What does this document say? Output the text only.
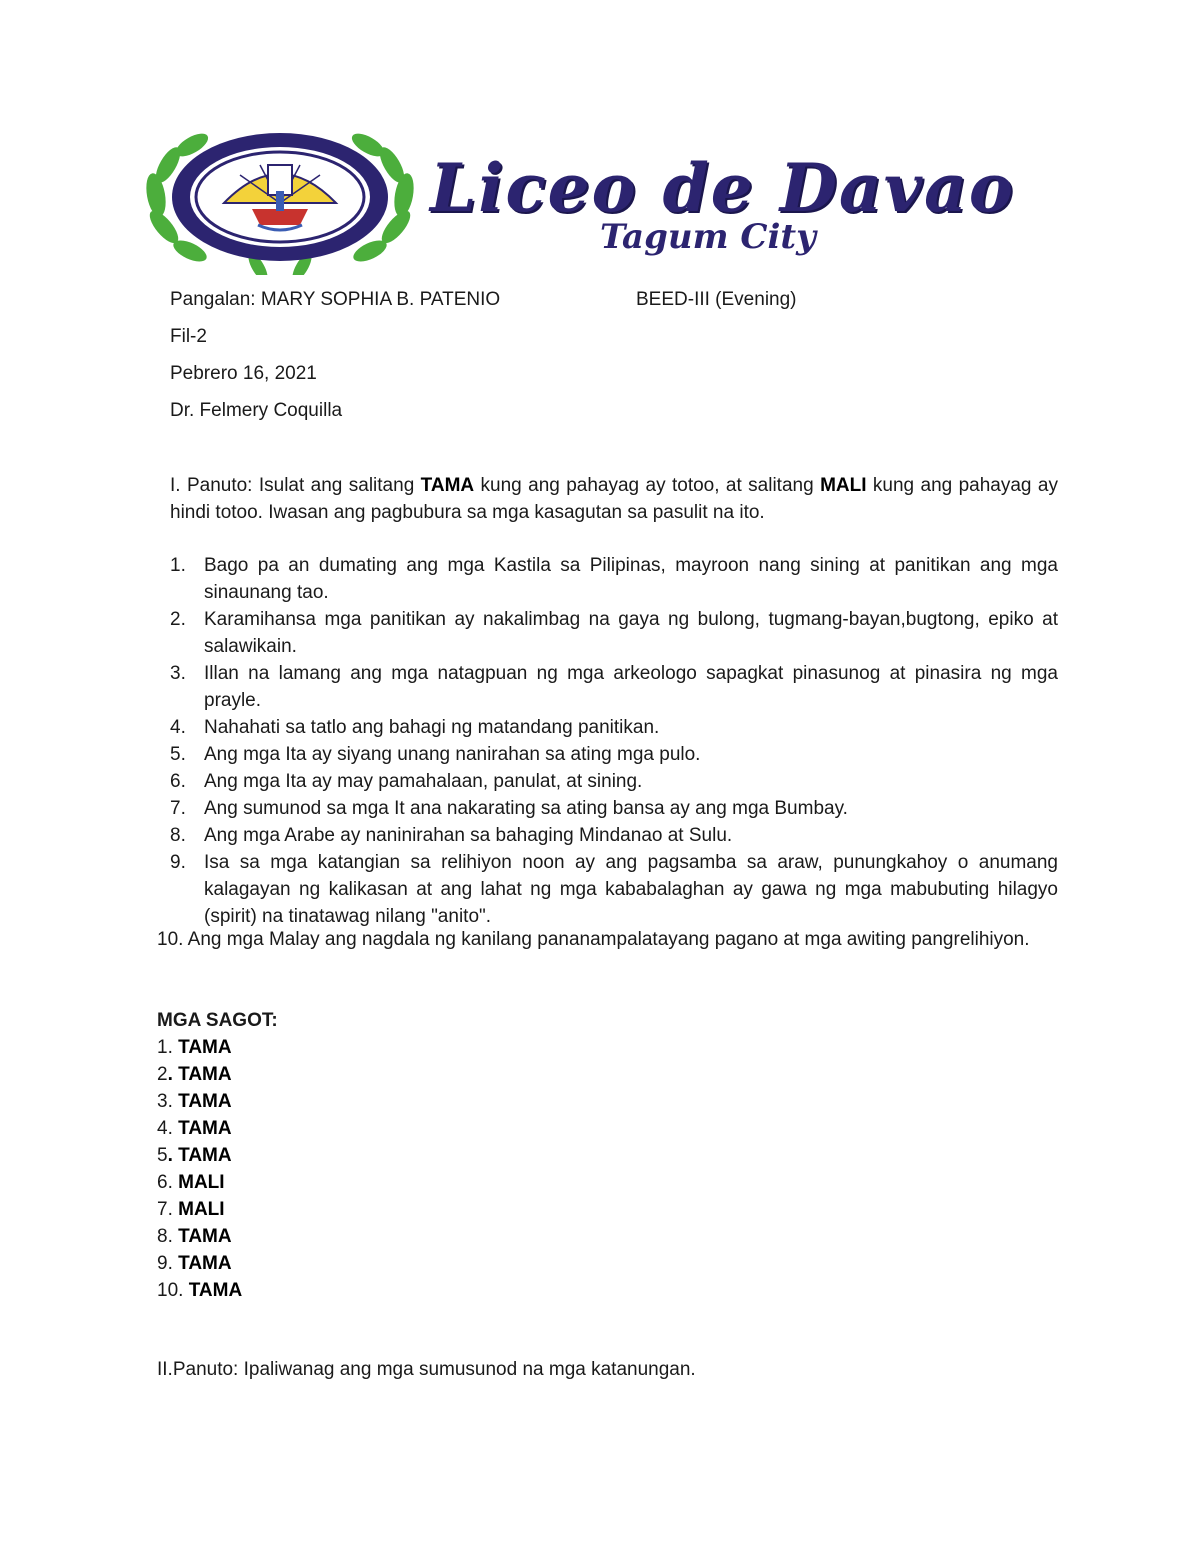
Liceo de Davao
Tagum City
Pangalan: MARY SOPHIA B. PATENIO	BEED-III (Evening)
Fil-2
Pebrero 16, 2021
Dr. Felmery Coquilla
I. Panuto: Isulat ang salitang TAMA kung ang pahayag ay totoo, at salitang MALI kung ang pahayag ay hindi totoo. Iwasan ang pagbubura sa mga kasagutan sa pasulit na ito.
1. Bago pa an dumating ang mga Kastila sa Pilipinas, mayroon nang sining at panitikan ang mga sinaunang tao.
2. Karamihansa mga panitikan ay nakalimbag na gaya ng bulong, tugmang-bayan,bugtong, epiko at salawikain.
3. Illan na lamang ang mga natagpuan ng mga arkeologo sapagkat pinasunog at pinasira ng mga prayle.
4. Nahahati sa tatlo ang bahagi ng matandang panitikan.
5. Ang mga Ita ay siyang unang nanirahan sa ating mga pulo.
6. Ang mga Ita ay may pamahalaan, panulat, at sining.
7. Ang sumunod sa mga It ana nakarating sa ating bansa ay ang mga Bumbay.
8. Ang mga Arabe ay naninirahan sa bahaging Mindanao at Sulu.
9. Isa sa mga katangian sa relihiyon noon ay ang pagsamba sa araw, punungkahoy o anumang kalagayan ng kalikasan at ang lahat ng mga kababalaghan ay gawa ng mga mabubuting hilagyo (spirit) na tinatawag nilang "anito".
10. Ang mga Malay ang nagdala ng kanilang pananampalatayang pagano at mga awiting pangrelihiyon.
MGA SAGOT:
1. TAMA
2. TAMA
3. TAMA
4. TAMA
5. TAMA
6. MALI
7. MALI
8. TAMA
9. TAMA
10. TAMA
II.Panuto: Ipaliwanag ang mga sumusunod na mga katanungan.
